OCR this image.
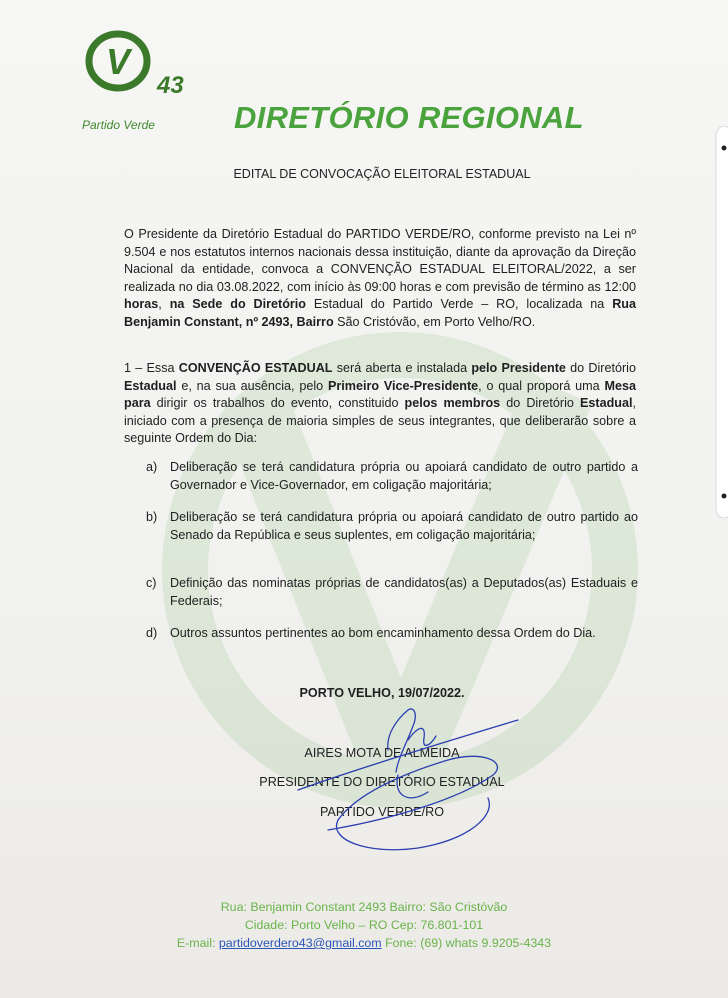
V
43
Partido Verde	DIRETÓRIO REGIONAL
EDITAL DE CONVOCAÇÃO ELEITORAL ESTADUAL
O Presidente da Diretório Estadual do PARTIDO VERDE/RO, conforme previsto na Lei nº 9.504 e nos estatutos internos nacionais dessa instituição, diante da aprovação da Direção Nacional da entidade, convoca a CONVENÇÃO ESTADUAL ELEITORAL/2022, a ser realizada no dia 03.08.2022, com início às 09:00 horas e com previsão de término as 12:00 horas, na Sede do Diretório Estadual do Partido Verde – RO, localizada na Rua Benjamin Constant, nº 2493, Bairro São Cristóvão, em Porto Velho/RO.
1 – Essa CONVENÇÃO ESTADUAL será aberta e instalada pelo Presidente do Diretório Estadual e, na sua ausência, pelo Primeiro Vice-Presidente, o qual proporá uma Mesa para dirigir os trabalhos do evento, constituido pelos membros do Diretório Estadual, iniciado com a presença de maioria simples de seus integrantes, que deliberarão sobre a seguinte Ordem do Dia:
a) Deliberação se terá candidatura própria ou apoiará candidato de outro partido a Governador e Vice-Governador, em coligação majoritária;
b) Deliberação se terá candidatura própria ou apoiará candidato de outro partido ao Senado da República e seus suplentes, em coligação majoritária;
c) Definição das nominatas próprias de candidatos(as) a Deputados(as) Estaduais e Federais;
d) Outros assuntos pertinentes ao bom encaminhamento dessa Ordem do Dia.
PORTO VELHO, 19/07/2022.
AIRES MOTA DE ALMEIDA
PRESIDENTE DO DIRETÓRIO ESTADUAL
PARTIDO VERDE/RO
Rua: Benjamin Constant 2493 Bairro: São Cristóvão
Cidade: Porto Velho – RO Cep: 76.801-101
E-mail: partidoverdero43@gmail.com Fone: (69) whats 9.9205-4343
